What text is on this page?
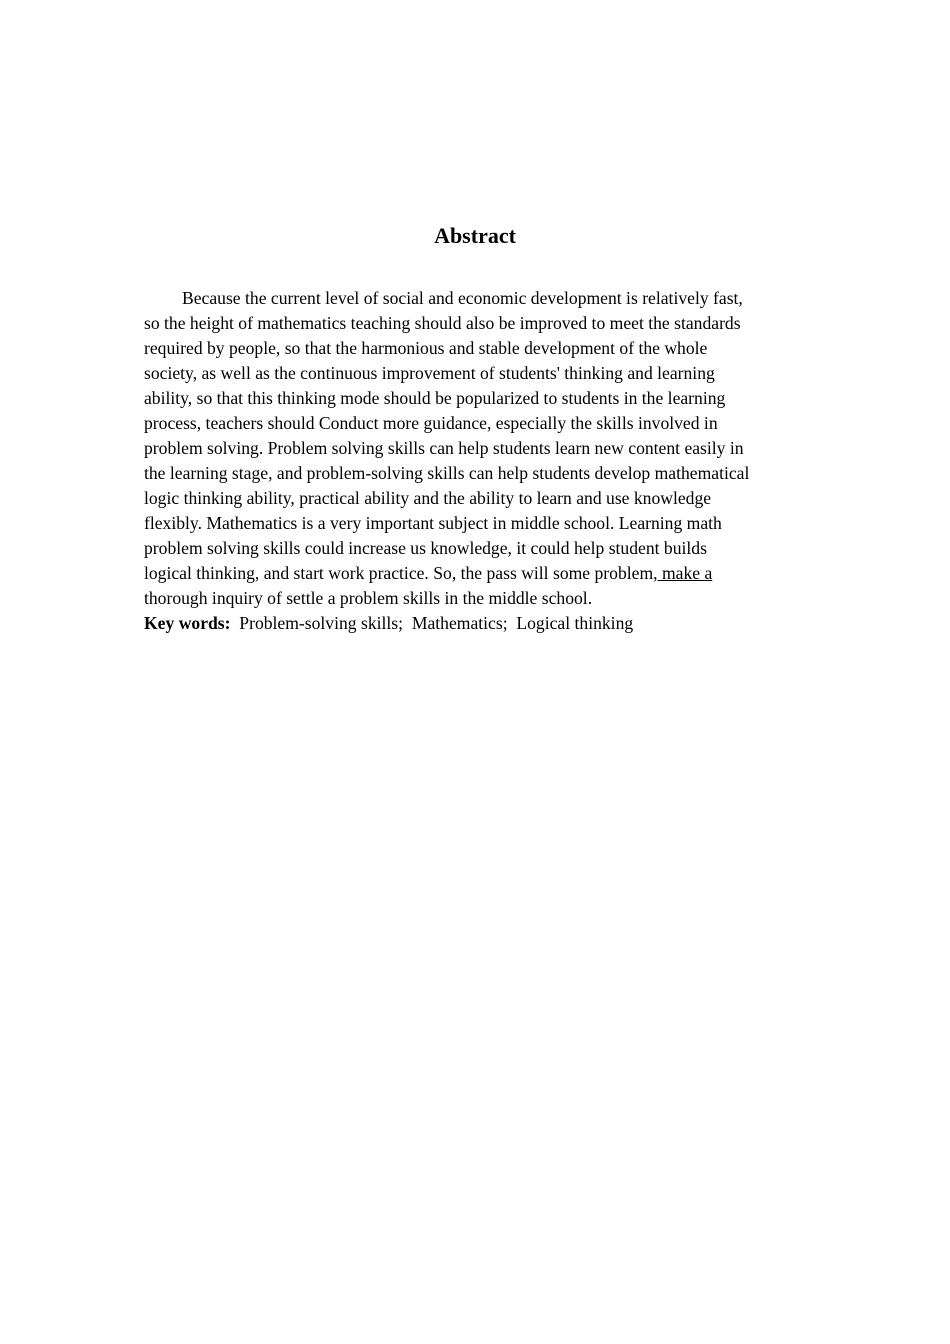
Abstract
Because the current level of social and economic development is relatively fast,
so the height of mathematics teaching should also be improved to meet the standards
required by people, so that the harmonious and stable development of the whole
society, as well as the continuous improvement of students' thinking and learning
ability, so that this thinking mode should be popularized to students in the learning
process, teachers should Conduct more guidance, especially the skills involved in
problem solving. Problem solving skills can help students learn new content easily in
the learning stage, and problem-solving skills can help students develop mathematical
logic thinking ability, practical ability and the ability to learn and use knowledge
flexibly. Mathematics is a very important subject in middle school. Learning math
problem solving skills could increase us knowledge, it could help student builds
logical thinking, and start work practice. So, the pass will some problem, make a
thorough inquiry of settle a problem skills in the middle school.
Key words: Problem-solving skills;  Mathematics;  Logical thinking
